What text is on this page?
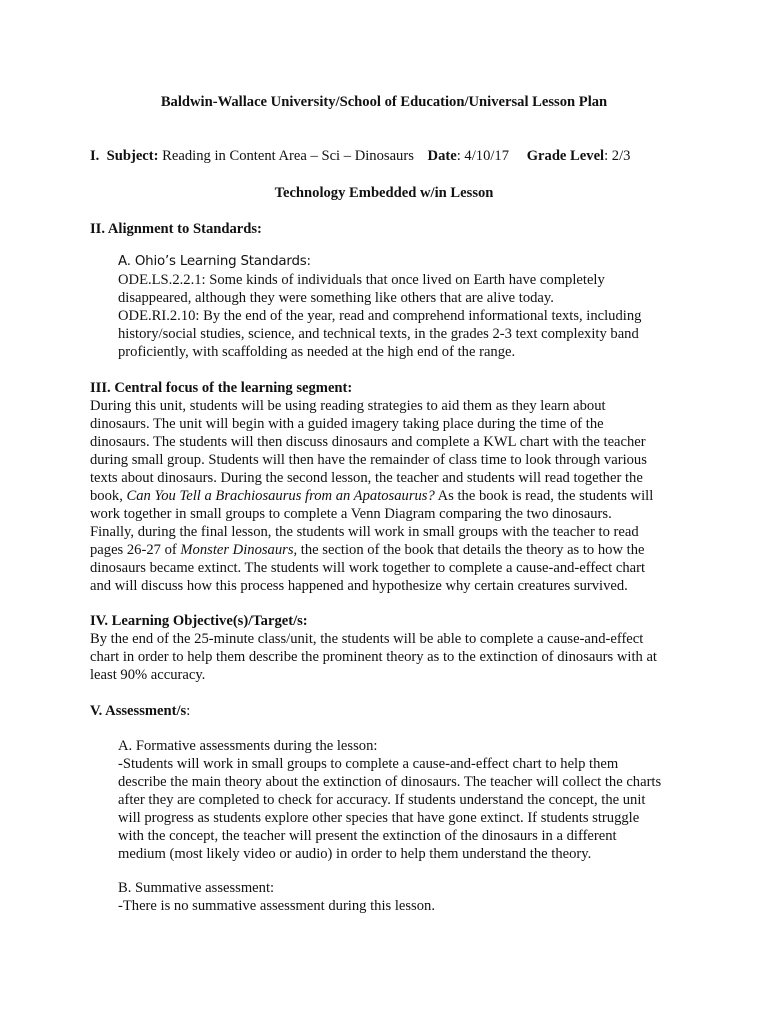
Baldwin-Wallace University/School of Education/Universal Lesson Plan
I. Subject: Reading in Content Area – Sci – Dinosaurs Date: 4/10/17 Grade Level: 2/3
Technology Embedded w/in Lesson
II. Alignment to Standards:
A. Ohio’s Learning Standards:
ODE.LS.2.2.1: Some kinds of individuals that once lived on Earth have completely
disappeared, although they were something like others that are alive today.
ODE.RI.2.10: By the end of the year, read and comprehend informational texts, including
history/social studies, science, and technical texts, in the grades 2-3 text complexity band
proficiently, with scaffolding as needed at the high end of the range.
III. Central focus of the learning segment:
During this unit, students will be using reading strategies to aid them as they learn about
dinosaurs. The unit will begin with a guided imagery taking place during the time of the
dinosaurs. The students will then discuss dinosaurs and complete a KWL chart with the teacher
during small group. Students will then have the remainder of class time to look through various
texts about dinosaurs. During the second lesson, the teacher and students will read together the
book, Can You Tell a Brachiosaurus from an Apatosaurus? As the book is read, the students will
work together in small groups to complete a Venn Diagram comparing the two dinosaurs.
Finally, during the final lesson, the students will work in small groups with the teacher to read
pages 26-27 of Monster Dinosaurs, the section of the book that details the theory as to how the
dinosaurs became extinct. The students will work together to complete a cause-and-effect chart
and will discuss how this process happened and hypothesize why certain creatures survived.
IV. Learning Objective(s)/Target/s:
By the end of the 25-minute class/unit, the students will be able to complete a cause-and-effect
chart in order to help them describe the prominent theory as to the extinction of dinosaurs with at
least 90% accuracy.
V. Assessment/s:
A. Formative assessments during the lesson:
-Students will work in small groups to complete a cause-and-effect chart to help them
describe the main theory about the extinction of dinosaurs. The teacher will collect the charts
after they are completed to check for accuracy. If students understand the concept, the unit
will progress as students explore other species that have gone extinct. If students struggle
with the concept, the teacher will present the extinction of the dinosaurs in a different
medium (most likely video or audio) in order to help them understand the theory.
B. Summative assessment:
-There is no summative assessment during this lesson.
